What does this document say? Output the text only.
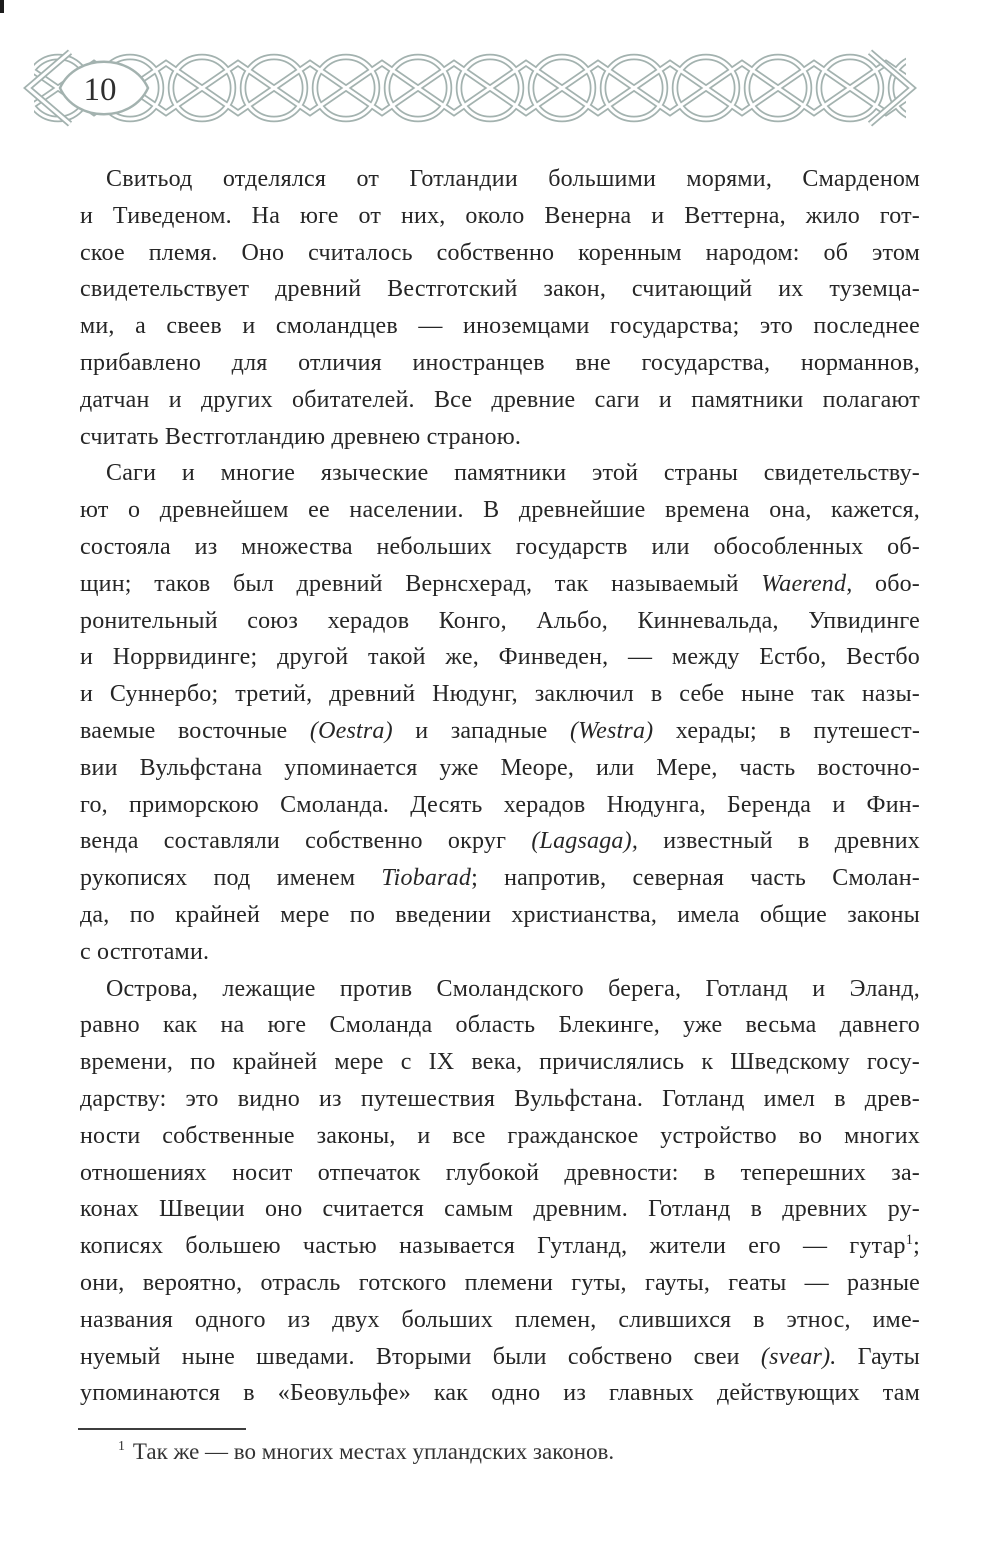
10
Свитьод отделялся от Готландии большими морями, Смарденом
и Тиведеном. На юге от них, около Венерна и Веттерна, жило гот-
ское племя. Оно считалось собственно коренным народом: об этом
свидетельствует древний Вестготский закон, считающий их туземца-
ми, а свеев и смоландцев — иноземцами государства; это последнее
прибавлено для отличия иностранцев вне государства, норманнов,
датчан и других обитателей. Все древние саги и памятники полагают
считать Вестготландию древнею страною.
Саги и многие языческие памятники этой страны свидетельству-
ют о древнейшем ее населении. В древнейшие времена она, кажется,
состояла из множества небольших государств или обособленных об-
щин; таков был древний Вернсхерад, так называемый Waerend, обо-
ронительный союз херадов Конго, Альбо, Кинневальда, Упвидинге
и Норрвидинге; другой такой же, Финведен, — между Естбо, Вестбо
и Суннербо; третий, древний Нюдунг, заключил в себе ныне так назы-
ваемые восточные (Oestra) и западные (Westra) херады; в путешест-
вии Вульфстана упоминается уже Меоре, или Мере, часть восточно-
го, приморскою Смоланда. Десять херадов Нюдунга, Беренда и Фин-
венда составляли собственно округ (Lagsaga), известный в древних
рукописях под именем Tiobarad; напротив, северная часть Смолан-
да, по крайней мере по введении христианства, имела общие законы
с остготами.
Острова, лежащие против Смоландского берега, Готланд и Эланд,
равно как на юге Смоланда область Блекинге, уже весьма давнего
времени, по крайней мере с IX века, причислялись к Шведскому госу-
дарству: это видно из путешествия Вульфстана. Готланд имел в древ-
ности собственные законы, и все гражданское устройство во многих
отношениях носит отпечаток глубокой древности: в теперешних за-
конах Швеции оно считается самым древним. Готланд в древних ру-
кописях большею частью называется Гутланд, жители его — гутар$^1$;
они, вероятно, отрасль готского племени гуты, гауты, геаты — разные
названия одного из двух больших племен, слившихся в этнос, име-
нуемый ныне шведами. Вторыми были собствено свеи (svear). Гауты
упоминаются в «Беовульфе» как одно из главных действующих там
$^1$ Так же — во многих местах упландских законов.
